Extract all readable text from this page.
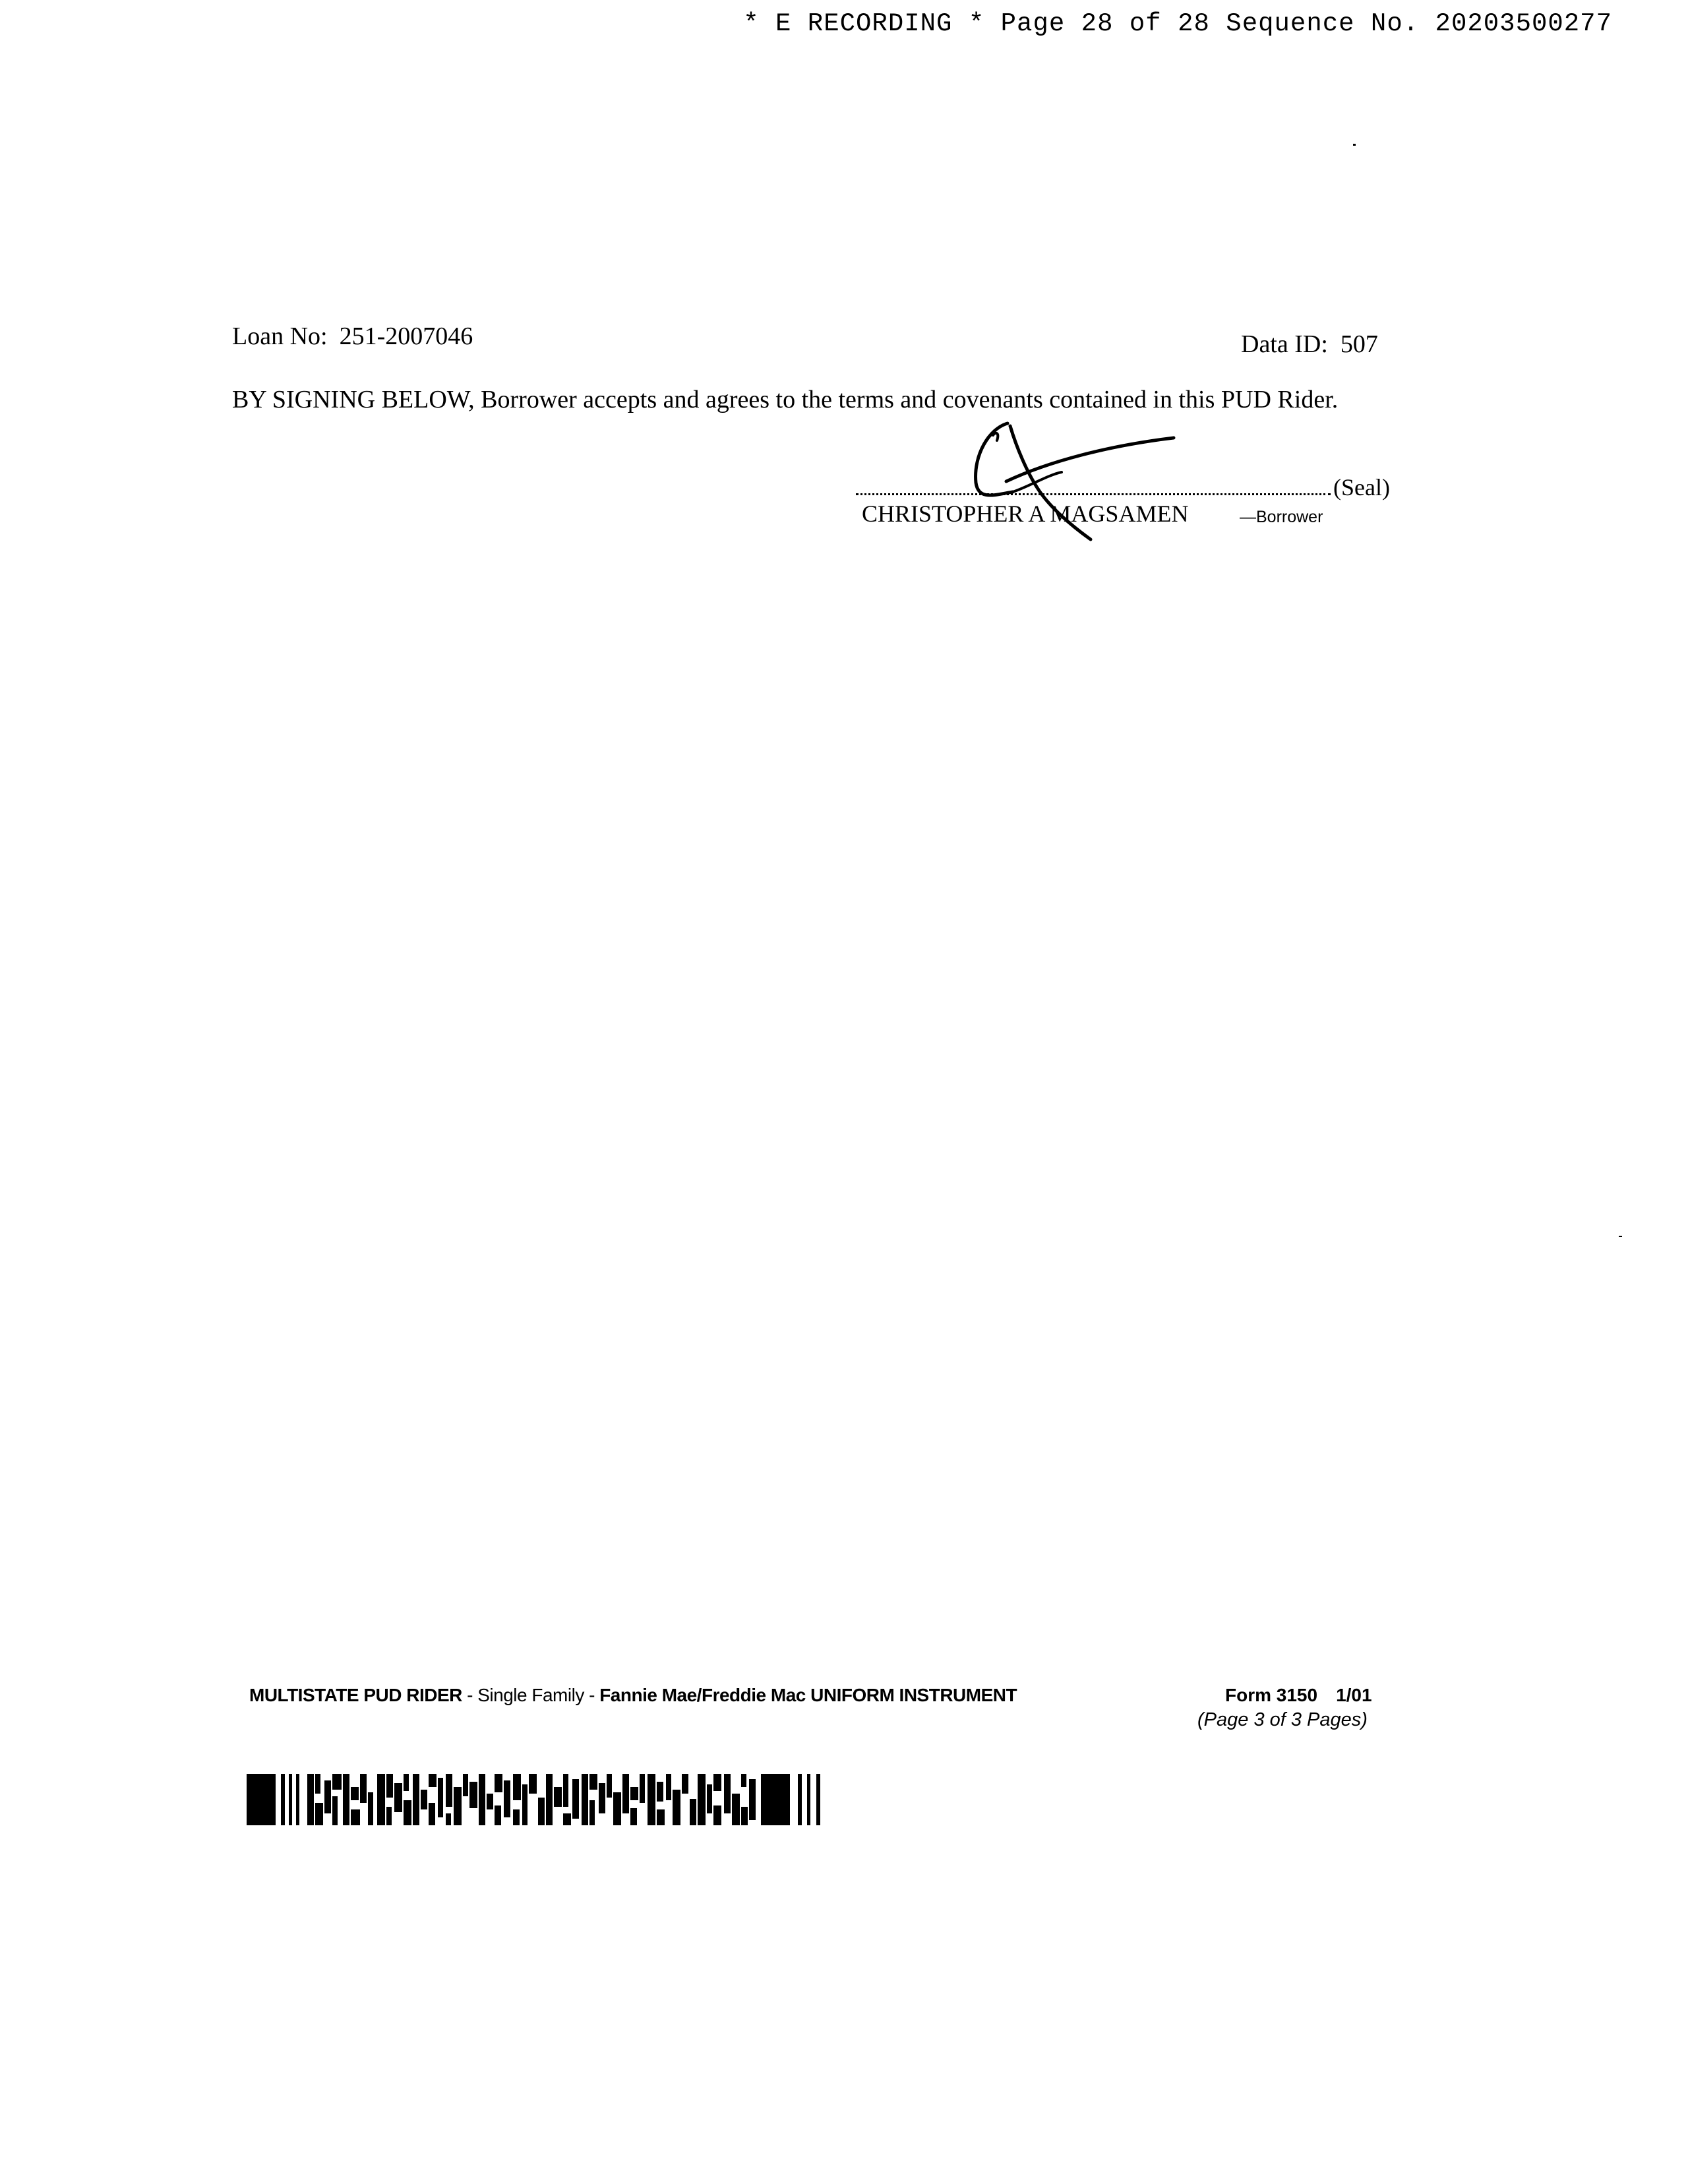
* E RECORDING * Page 28 of 28 Sequence No. 20203500277
Loan No: 251-2007046	Data ID: 507
BY SIGNING BELOW, Borrower accepts and agrees to the terms and covenants contained in this PUD Rider.
(Seal)
CHRISTOPHER A MAGSAMEN	—Borrower
MULTISTATE PUD RIDER - Single Family - Fannie Mae/Freddie Mac UNIFORM INSTRUMENT	Form 3150 1/01
(Page 3 of 3 Pages)
